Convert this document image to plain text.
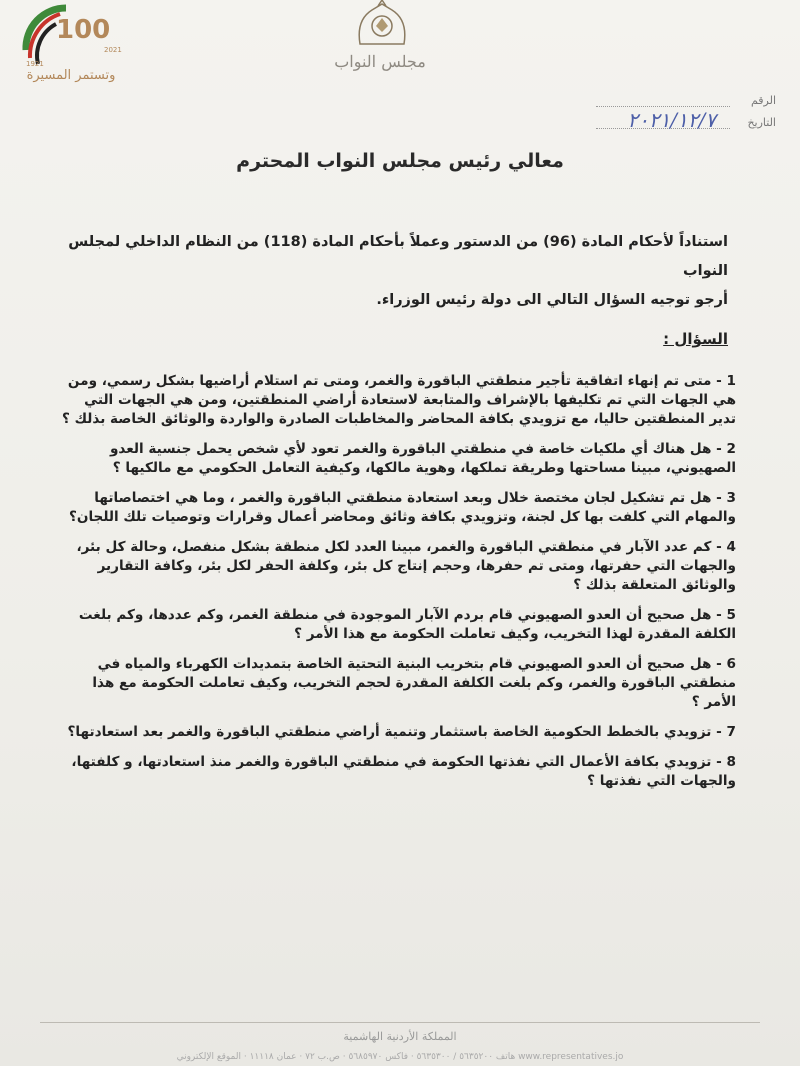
100
1921
2021
وتستمر المسيرة
مجلس النواب
الرقم
التاريخ
٢٠٢١/١٢/٧
معالي رئيس مجلس النواب المحترم
استناداً لأحكام المادة (96) من الدستور وعملاً بأحكام المادة (118) من النظام الداخلي لمجلس النواب
أرجو توجيه السؤال التالي الى دولة رئيس الوزراء.
السؤال :
1 - متى تم إنهاء اتفاقية تأجير منطقتي الباقورة والغمر، ومتى تم استلام أراضيها بشكل رسمي، ومن هي الجهات التي تم تكليفها بالإشراف والمتابعة لاستعادة أراضي المنطقتين، ومن هي الجهات التي تدير المنطقتين حاليا، مع تزويدي بكافة المحاضر والمخاطبات الصادرة والواردة والوثائق الخاصة بذلك ؟
2 - هل هناك أي ملكيات خاصة في منطقتي الباقورة والغمر تعود لأي شخص يحمل جنسية العدو الصهيوني، مبينا مساحتها وطريقة تملكها، وهوية مالكها، وكيفية التعامل الحكومي مع مالكيها ؟
3 - هل تم تشكيل لجان مختصة خلال وبعد استعادة منطقتي الباقورة والغمر ، وما هي اختصاصاتها والمهام التي كلفت بها كل لجنة، وتزويدي بكافة وثائق ومحاضر أعمال وقرارات وتوصيات تلك اللجان؟
4 - كم عدد الآبار في منطقتي الباقورة والغمر، مبينا العدد لكل منطقة بشكل منفصل، وحالة كل بئر، والجهات التي حفرتها، ومتى تم حفرها، وحجم إنتاج كل بئر، وكلفة الحفر لكل بئر، وكافة التقارير والوثائق المتعلقة بذلك ؟
5 - هل صحيح أن العدو الصهيوني قام بردم الآبار الموجودة في منطقة الغمر، وكم عددها، وكم بلغت الكلفة المقدرة لهذا التخريب، وكيف تعاملت الحكومة مع هذا الأمر ؟
6 - هل صحيح أن العدو الصهيوني قام بتخريب البنية التحتية الخاصة بتمديدات الكهرباء والمياه في منطقتي الباقورة والغمر، وكم بلغت الكلفة المقدرة لحجم التخريب، وكيف تعاملت الحكومة مع هذا الأمر ؟
7 - تزويدي بالخطط الحكومية الخاصة باستثمار وتنمية أراضي منطقتي الباقورة والغمر بعد استعادتها؟
8 - تزويدي بكافة الأعمال التي نفذتها الحكومة في منطقتي الباقورة والغمر منذ استعادتها، و كلفتها، والجهات التي نفذتها ؟
المملكة الأردنية الهاشمية
هاتف ٥٦٣٥٢٠٠ / ٥٦٣٥٣٠٠ · فاكس ٥٦٨٥٩٧٠ · ص.ب ٧٢ · عمان ١١١١٨ · الموقع الإلكتروني www.representatives.jo
